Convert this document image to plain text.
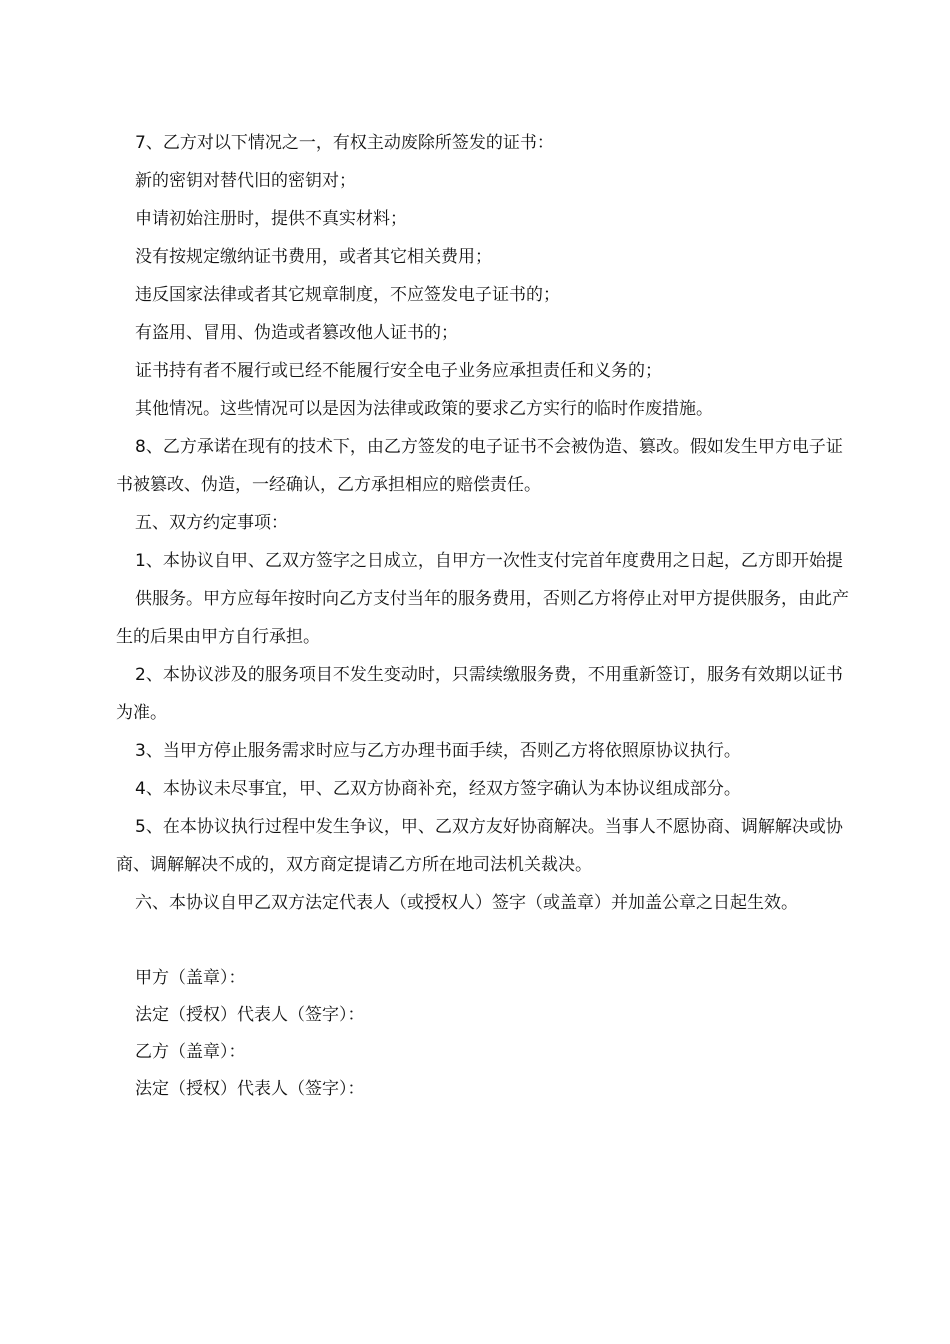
7、乙方对以下情况之一，有权主动废除所签发的证书：

新的密钥对替代旧的密钥对；

申请初始注册时，提供不真实材料；

没有按规定缴纳证书费用，或者其它相关费用；

违反国家法律或者其它规章制度，不应签发电子证书的；

有盗用、冒用、伪造或者篡改他人证书的；

证书持有者不履行或已经不能履行安全电子业务应承担责任和义务的；

其他情况。这些情况可以是因为法律或政策的要求乙方实行的临时作废措施。

8、乙方承诺在现有的技术下，由乙方签发的电子证书不会被伪造、篡改。假如发生甲方电子证书被篡改、伪造，一经确认，乙方承担相应的赔偿责任。

五、双方约定事项：

1、本协议自甲、乙双方签字之日成立，自甲方一次性支付完首年度费用之日起，乙方即开始提

供服务。甲方应每年按时向乙方支付当年的服务费用，否则乙方将停止对甲方提供服务，由此产生的后果由甲方自行承担。

2、本协议涉及的服务项目不发生变动时，只需续缴服务费，不用重新签订，服务有效期以证书为准。

3、当甲方停止服务需求时应与乙方办理书面手续，否则乙方将依照原协议执行。

4、本协议未尽事宜，甲、乙双方协商补充，经双方签字确认为本协议组成部分。

5、在本协议执行过程中发生争议，甲、乙双方友好协商解决。当事人不愿协商、调解解决或协商、调解解决不成的，双方商定提请乙方所在地司法机关裁决。

六、本协议自甲乙双方法定代表人（或授权人）签字（或盖章）并加盖公章之日起生效。

甲方（盖章）：

法定（授权）代表人（签字）：

乙方（盖章）：

法定（授权）代表人（签字）：
